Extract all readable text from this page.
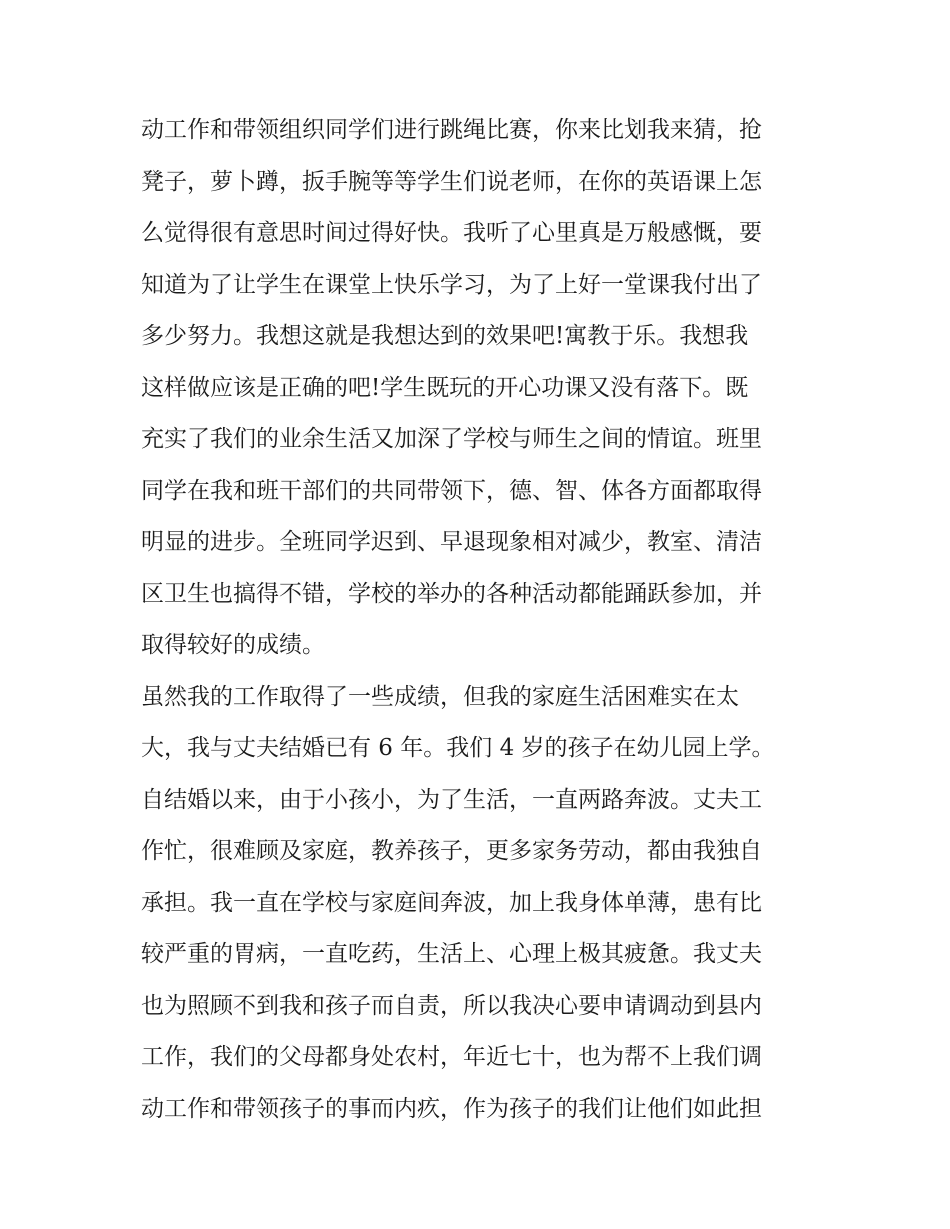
动工作和带领组织同学们进行跳绳比赛，你来比划我来猜，抢
凳子，萝卜蹲，扳手腕等等学生们说老师，在你的英语课上怎
么觉得很有意思时间过得好快。我听了心里真是万般感慨，要
知道为了让学生在课堂上快乐学习，为了上好一堂课我付出了
多少努力。我想这就是我想达到的效果吧!寓教于乐。我想我
这样做应该是正确的吧!学生既玩的开心功课又没有落下。既
充实了我们的业余生活又加深了学校与师生之间的情谊。班里
同学在我和班干部们的共同带领下，德、智、体各方面都取得
明显的进步。全班同学迟到、早退现象相对减少，教室、清洁
区卫生也搞得不错，学校的举办的各种活动都能踊跃参加，并
取得较好的成绩。
虽然我的工作取得了一些成绩，但我的家庭生活困难实在太
大，我与丈夫结婚已有 6 年。我们 4 岁的孩子在幼儿园上学。
自结婚以来，由于小孩小，为了生活，一直两路奔波。丈夫工
作忙，很难顾及家庭，教养孩子，更多家务劳动，都由我独自
承担。我一直在学校与家庭间奔波，加上我身体单薄，患有比
较严重的胃病，一直吃药，生活上、心理上极其疲惫。我丈夫
也为照顾不到我和孩子而自责，所以我决心要申请调动到县内
工作，我们的父母都身处农村，年近七十，也为帮不上我们调
动工作和带领孩子的事而内疚，作为孩子的我们让他们如此担
